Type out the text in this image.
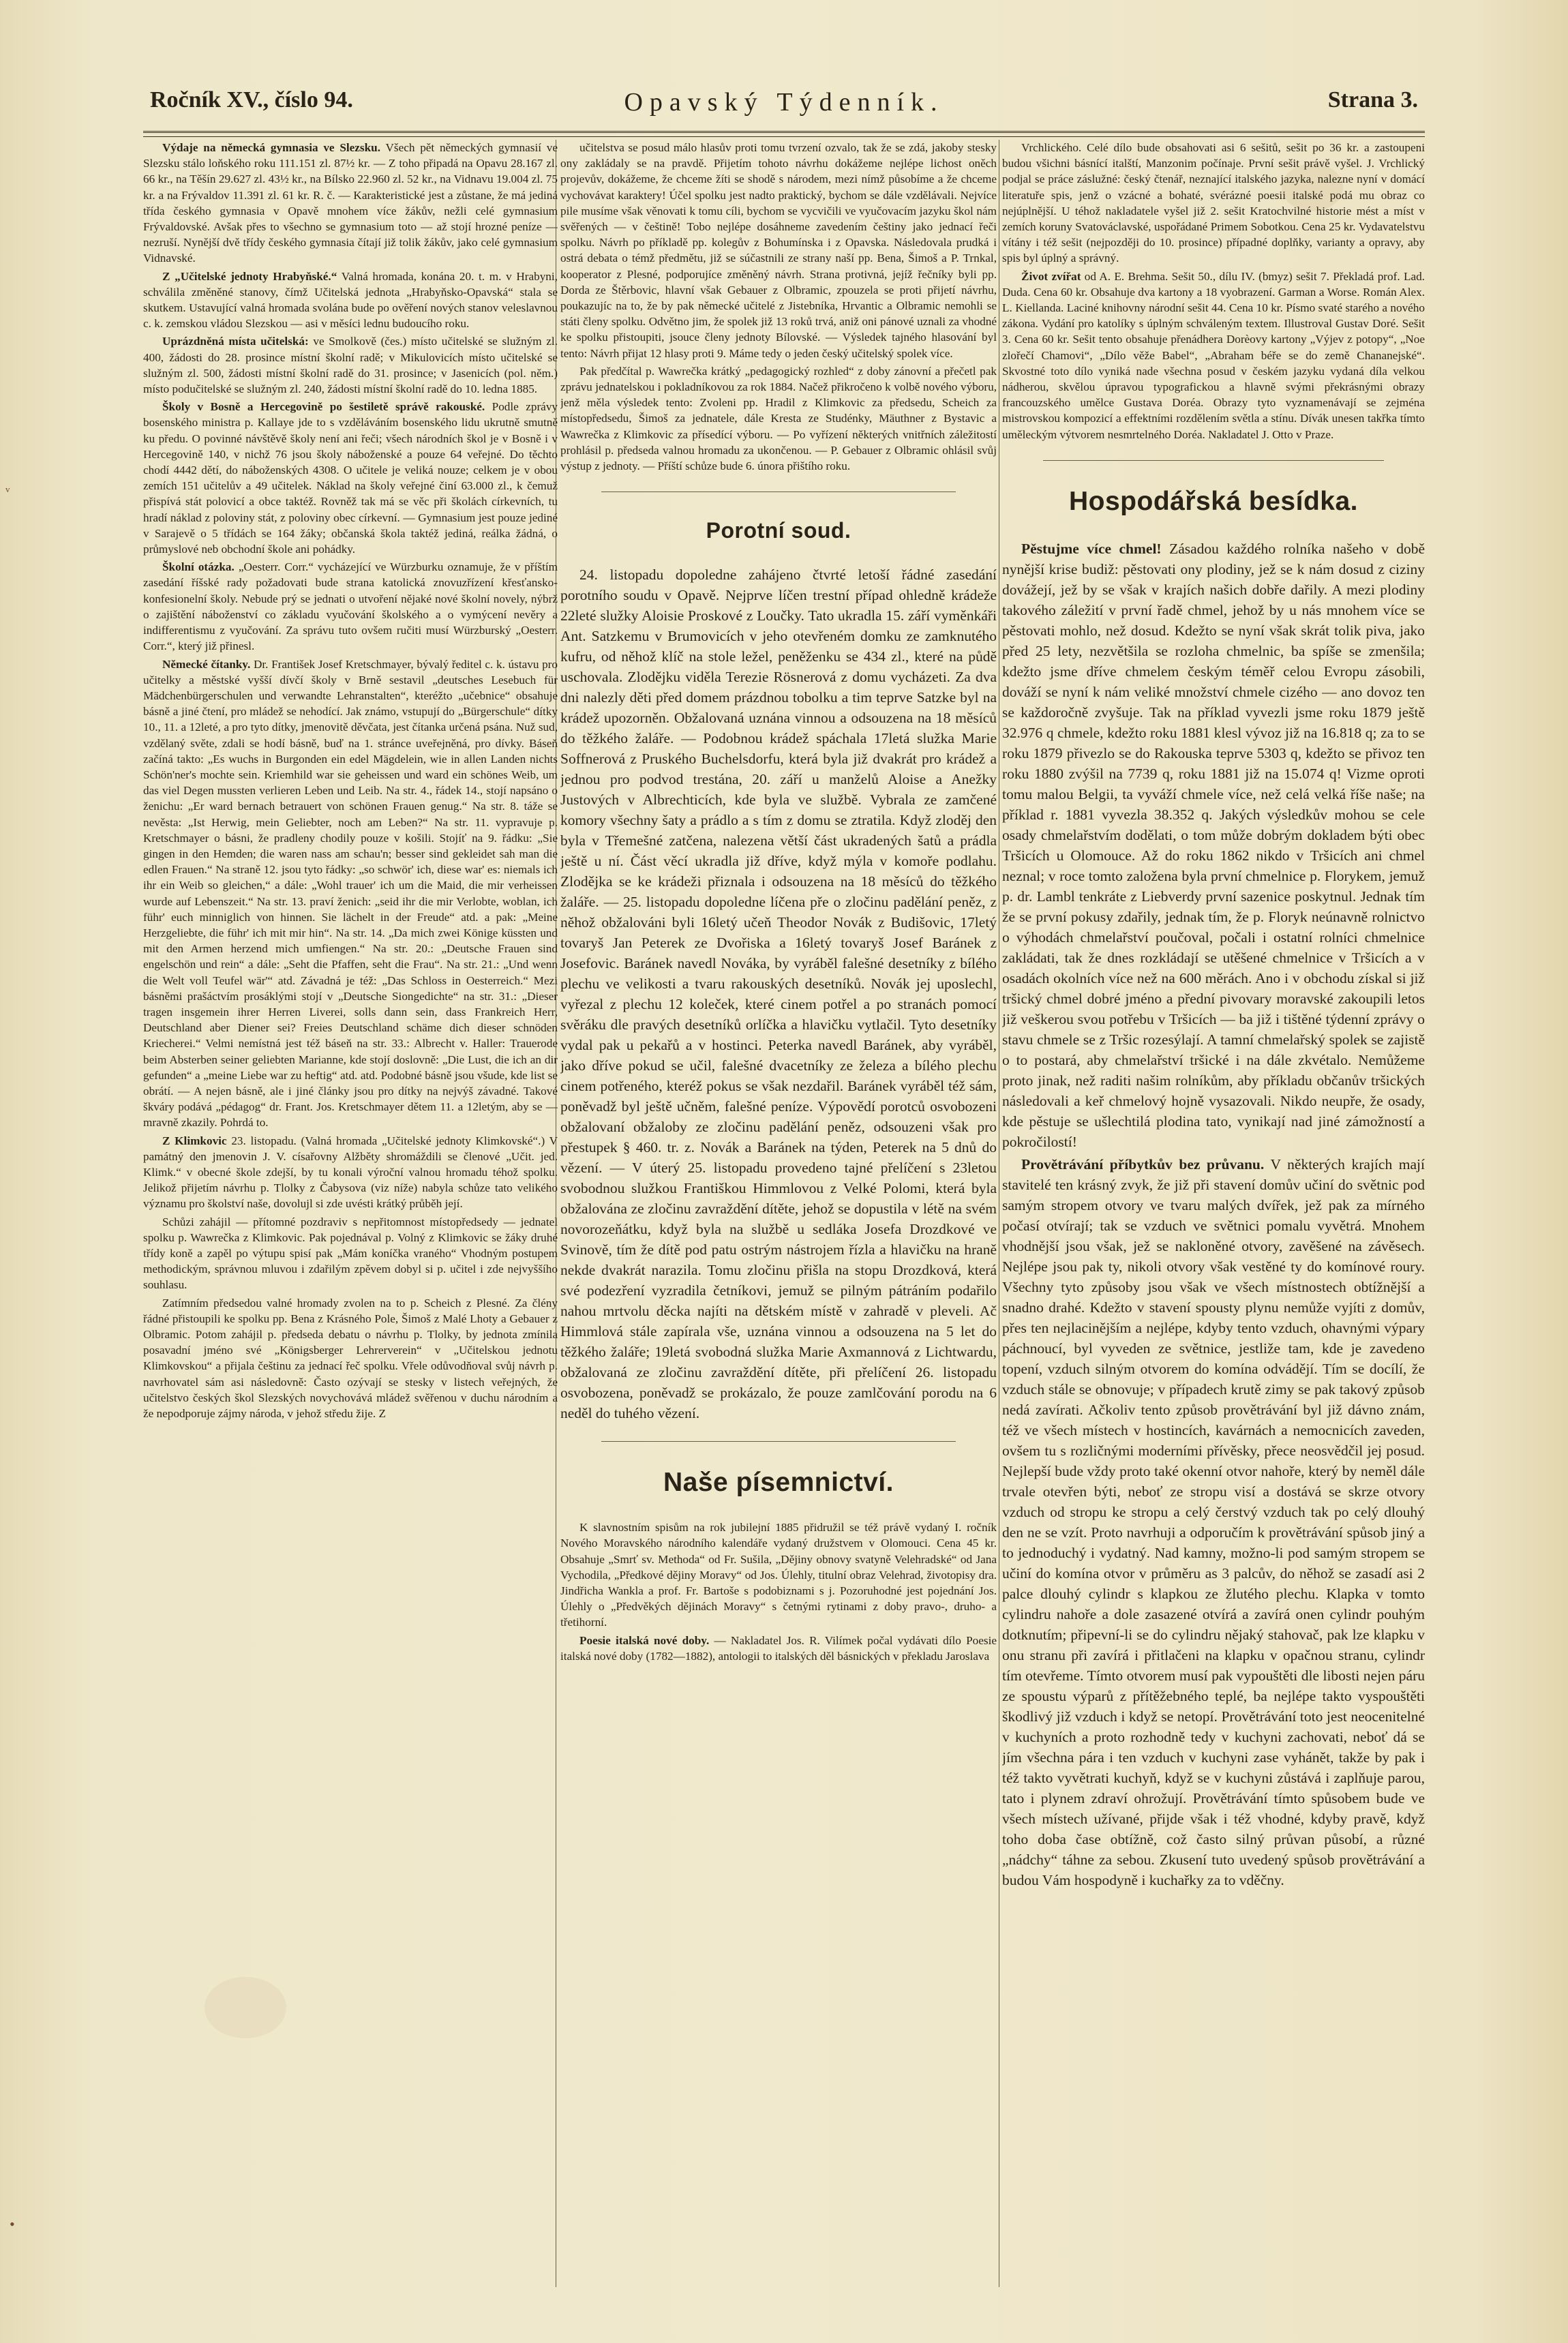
ᵥ
•
Ročník XV., číslo 94.	Opavský Týdenník.	Strana 3.

Výdaje na německá gymnasia ve Slezsku. Všech pět německých gymnasií ve Slezsku stálo loňského roku 111.151 zl. 87½ kr. — Z toho připadá na Opavu 28.167 zl. 66 kr., na Těšín 29.627 zl. 43½ kr., na Bílsko 22.960 zl. 52 kr., na Vidnavu 19.004 zl. 75 kr. a na Frývaldov 11.391 zl. 61 kr. R. č. — Karakteristické jest a zůstane, že má jediná třída českého gymnasia v Opavě mnohem více žákův, nežli celé gymnasium Frývaldovské. Avšak přes to všechno se gymnasium toto — až stojí hrozné peníze — nezruší. Nynější dvě třídy českého gymnasia čítají již tolik žákův, jako celé gymnasium Vidnavské.

Z „Učitelské jednoty Hrabyňské.“ Valná hromada, konána 20. t. m. v Hrabyni, schválila změněné stanovy, čímž Učitelská jednota „Hrabyňsko-Opavská“ stala se skutkem. Ustavující valná hromada svolána bude po ověření nových stanov veleslavnou c. k. zemskou vládou Slezskou — asi v měsíci lednu budoucího roku.

Uprázdněná místa učitelská: ve Smolkově (čes.) místo učitelské se služným zl. 400, žádosti do 28. prosince místní školní radě; v Mikulovicích místo učitelské se služným zl. 500, žádosti místní školní radě do 31. prosince; v Jasenicích (pol. něm.) místo podučitelské se služným zl. 240, žádosti místní školní radě do 10. ledna 1885.

Školy v Bosně a Hercegovině po šestiletě správě rakouské. Podle zprávy bosenského ministra p. Kallaye jde to s vzděláváním bosenského lidu ukrutně smutně ku předu. O povinné návštěvě školy není ani řeči; všech národních škol je v Bosně i v Hercegovině 140, v nichž 76 jsou školy náboženské a pouze 64 veřejné. Do těchto chodí 4442 dětí, do náboženských 4308. O učitele je veliká nouze; celkem je v obou zemích 151 učitelův a 49 učitelek. Náklad na školy veřejné činí 63.000 zl., k čemuž přispívá stát polovicí a obce taktéž. Rovněž tak má se věc při školách církevních, tu hradí náklad z poloviny stát, z poloviny obec církevní. — Gymnasium jest pouze jediné v Sarajevě o 5 třídách se 164 žáky; občanská škola taktéž jediná, reálka žádná, o průmyslové neb obchodní škole ani pohádky.

Školní otázka. „Oesterr. Corr.“ vycházející ve Würzburku oznamuje, že v příštím zasedání říšské rady požadovati bude strana katolická znovuzřízení křesťansko-konfesionelní školy. Nebude prý se jednati o utvoření nějaké nové školní novely, nýbrž o zajištění náboženství co základu vyučování školského a o vymýcení nevěry a indifferentismu z vyučování. Za správu tuto ovšem ručiti musí Würzburský „Oesterr. Corr.“, který již přinesl.

Německé čítanky. Dr. František Josef Kretschmayer, bývalý ředitel c. k. ústavu pro učitelky a městské vyšší dívčí školy v Brně sestavil „deutsches Lesebuch für Mädchenbürgerschulen und verwandte Lehranstalten“, kteréžto „učebnice“ obsahuje básně a jiné čtení, pro mládež se nehodící. Jak známo, vstupují do „Bürgerschule“ dítky 10., 11. a 12leté, a pro tyto dítky, jmenovitě děvčata, jest čítanka určená psána. Nuž sud, vzdělaný světe, zdali se hodí básně, buď na 1. stránce uveřejněná, pro dívky. Báseň začíná takto: „Es wuchs in Burgonden ein edel Mägdelein, wie in allen Landen nichts Schön'ner's mochte sein. Kriemhild war sie geheissen und ward ein schönes Weib, um das viel Degen mussten verlieren Leben und Leib. Na str. 4., řádek 14., stojí napsáno o ženichu: „Er ward bernach betrauert von schönen Frauen genug.“ Na str. 8. táže se nevěsta: „Ist Herwig, mein Geliebter, noch am Leben?“ Na str. 11. vypravuje p. Kretschmayer o básni, že pradleny chodily pouze v košili. Stojíť na 9. řádku: „Sie gingen in den Hemden; die waren nass am schau'n; besser sind gekleidet sah man die edlen Frauen.“ Na straně 12. jsou tyto řádky: „so schwör' ich, diese war' es: niemals ich ihr ein Weib so gleichen,“ a dále: „Wohl trauer' ich um die Maid, die mir verheissen wurde auf Lebenszeit.“ Na str. 13. praví ženich: „seid ihr die mir Verlobte, woblan, ich führ' euch minniglich von hinnen. Sie lächelt in der Freude“ atd. a pak: „Meine Herzgeliebte, die führ' ich mit mir hin“. Na str. 14. „Da mich zwei Könige küssten und mit den Armen herzend mich umfiengen.“ Na str. 20.: „Deutsche Frauen sind engelschön und rein“ a dále: „Seht die Pfaffen, seht die Frau“. Na str. 21.: „Und wenn die Welt voll Teufel wär'“ atd. Závadná je též: „Das Schloss in Oesterreich.“ Mezi básněmi prašáctvím prosáklými stojí v „Deutsche Siongedichte“ na str. 31.: „Dieser tragen insgemein ihrer Herren Liverei, solls dann sein, dass Frankreich Herr, Deutschland aber Diener sei? Freies Deutschland schäme dich dieser schnöden Kriecherei.“ Velmi nemístná jest též báseň na str. 33.: Albrecht v. Haller: Trauerode beim Absterben seiner geliebten Marianne, kde stojí doslovně: „Die Lust, die ich an dir gefunden“ a „meine Liebe war zu heftig“ atd. atd. Podobné básně jsou všude, kde list se obrátí. — A nejen básně, ale i jiné články jsou pro dítky na nejvýš závadné. Takové škváry podává „pédagog“ dr. Frant. Jos. Kretschmayer dětem 11. a 12letým, aby se — mravně zkazily. Pohrdá to.

Z Klimkovic 23. listopadu. (Valná hromada „Učitelské jednoty Klimkovské“.) V památný den jmenovin J. V. císařovny Alžběty shromáždili se členové „Učit. jed. Klimk.“ v obecné škole zdejší, by tu konali výroční valnou hromadu téhož spolku. Jelikož přijetím návrhu p. Tlolky z Čabysova (viz níže) nabyla schůze tato velikého významu pro školství naše, dovolujl si zde uvésti krátký průběh její.

Schůzi zahájil — přítomné pozdraviv s nepřitomnost místopředsedy — jednatel spolku p. Wawrečka z Klimkovic. Pak pojednával p. Volný z Klimkovic se žáky druhé třídy koně a zapěl po výtupu spisí pak „Mám koníčka vraného“ Vhodným postupem methodickým, správnou mluvou i zdařilým zpěvem dobyl si p. učitel i zde nejvyššího souhlasu.

Zatímním předsedou valné hromady zvolen na to p. Scheich z Plesné. Za člény řádné přistoupili ke spolku pp. Bena z Krásného Pole, Šimoš z Malé Lhoty a Gebauer z Olbramic. Potom zahájil p. předseda debatu o návrhu p. Tlolky, by jednota zmínila posavadní jméno své „Königsberger Lehrerverein“ v „Učitelskou jednotu Klimkovskou“ a přijala češtinu za jednací řeč spolku. Vřele odůvodňoval svůj návrh p. navrhovatel sám asi následovně: Často ozývají se stesky v listech veřejných, že učitelstvo českých škol Slezských novychovává mládež svěřenou v duchu národním a že nepodporuje zájmy národa, v jehož středu žije. Z

učitelstva se posud málo hlasův proti tomu tvrzení ozvalo, tak že se zdá, jakoby stesky ony zakládaly se na pravdě. Přijetím tohoto návrhu dokážeme nejlépe lichost oněch projevův, dokážeme, že chceme žíti se shodě s národem, mezi nímž působíme a že chceme vychovávat karaktery! Účel spolku jest nadto praktický, bychom se dále vzdělávali. Nejvíce pile musíme však věnovati k tomu cíli, bychom se vycvičili ve vyučovacím jazyku škol nám svěřených — v češtině! Tobo nejlépe dosáhneme zavedením češtiny jako jednací řeči spolku. Návrh po příkladě pp. kolegův z Bohumínska i z Opavska. Následovala prudká i ostrá debata o témž předmětu, již se súčastnili ze strany naší pp. Bena, Šimoš a P. Trnkal, kooperator z Plesné, podporujíce změněný návrh. Strana protivná, jejíž řečníky byli pp. Dorda ze Štěrbovic, hlavní však Gebauer z Olbramic, zpouzela se proti přijetí návrhu, poukazujíc na to, že by pak německé učitelé z Jistebníka, Hrvantic a Olbramic nemohli se státi členy spolku. Odvětno jim, že spolek již 13 roků trvá, aniž oni pánové uznali za vhodné ke spolku přistoupiti, jsouce členy jednoty Bílovské. — Výsledek tajného hlasování byl tento: Návrh přijat 12 hlasy proti 9. Máme tedy o jeden český učitelský spolek více.

Pak předčítal p. Wawrečka krátký „pedagogický rozhled“ z doby zánovní a přečetl pak zprávu jednatelskou i pokladníkovou za rok 1884. Načež přikročeno k volbě nového výboru, jenž měla výsledek tento: Zvoleni pp. Hradil z Klimkovic za předsedu, Scheich za místopředsedu, Šimoš za jednatele, dále Kresta ze Studénky, Mäuthner z Bystavic a Wawrečka z Klimkovic za přísedící výboru. — Po vyřízení některých vnitřních záležitostí prohlásil p. předseda valnou hromadu za ukončenou. — P. Gebauer z Olbramic ohlásil svůj výstup z jednoty. — Příští schůze bude 6. února přištího roku.

Porotní soud.

24. listopadu dopoledne zahájeno čtvrté letoší řádné zasedání porotního soudu v Opavě. Nejprve líčen trestní případ ohledně krádeže 22leté služky Aloisie Proskové z Loučky. Tato ukradla 15. září vyměnkáři Ant. Satzkemu v Brumovicích v jeho otevřeném domku ze zamknutého kufru, od něhož klíč na stole ležel, peněženku se 434 zl., které na půdě uschovala. Zlodějku viděla Terezie Rösnerová z domu vycházeti. Za dva dni nalezly děti před domem prázdnou tobolku a tim teprve Satzke byl na krádež upozorněn. Obžalovaná uznána vinnou a odsouzena na 18 měsíců do těžkého žaláře. — Podobnou krádež spáchala 17letá služka Marie Soffnerová z Pruského Buchelsdorfu, která byla již dvakrát pro krádež a jednou pro podvod trestána, 20. září u manželů Aloise a Anežky Justových v Albrechticích, kde byla ve službě. Vybrala ze zamčené komory všechny šaty a prádlo a s tím z domu se ztratila. Když zloděj den byla v Třemešné zatčena, nalezena větší část ukradených šatů a prádla ještě u ní. Část věcí ukradla již dříve, když mýla v komoře podlahu. Zlodějka se ke krádeži přiznala i odsouzena na 18 měsíců do těžkého žaláře. — 25. listopadu dopoledne líčena pře o zločinu padělání peněz, z něhož obžalováni byli 16letý učeň Theodor Novák z Budišovic, 17letý tovaryš Jan Peterek ze Dvořiska a 16letý tovaryš Josef Baránek z Josefovic. Baránek navedl Nováka, by vyráběl falešné desetníky z bílého plechu ve velikosti a tvaru rakouských desetníků. Novák jej uposlechl, vyřezal z plechu 12 koleček, které cinem potřel a po stranách pomocí svěráku dle pravých desetníků orlíčka a hlavičku vytlačil. Tyto desetníky vydal pak u pekařů a v hostinci. Peterka navedl Baránek, aby vyráběl, jako dříve pokud se učil, falešné dvacetníky ze železa a bílého plechu cinem potřeného, kteréž pokus se však nezdařil. Baránek vyráběl též sám, poněvadž byl ještě učněm, falešné peníze. Výpovědí porotců osvobozeni obžalovaní obžaloby ze zločinu padělání peněz, odsouzeni však pro přestupek § 460. tr. z. Novák a Baránek na týden, Peterek na 5 dnů do vězení. — V úterý 25. listopadu provedeno tajné přelíčení s 23letou svobodnou služkou Františkou Himmlovou z Velké Polomi, která byla obžalována ze zločinu zavraždění dítěte, jehož se dopustila v létě na svém novorozeňátku, když byla na službě u sedláka Josefa Drozdkové ve Svinově, tím že dítě pod patu ostrým nástrojem řízla a hlavičku na hraně nekde dvakrát narazila. Tomu zločinu přišla na stopu Drozdková, která své podezření vyzradila četníkovi, jemuž se pilným pátráním podařilo nahou mrtvolu děcka najíti na dětském místě v zahradě v pleveli. Ač Himmlová stále zapírala vše, uznána vinnou a odsouzena na 5 let do těžkého žaláře; 19letá svobodná služka Marie Axmannová z Lichtwardu, obžalovaná ze zločinu zavraždění dítěte, při přelíčení 26. listopadu osvobozena, poněvadž se prokázalo, že pouze zamlčování porodu na 6 neděl do tuhého vězení.

Naše písemnictví.

K slavnostním spisům na rok jubilejní 1885 přidružil se též právě vydaný I. ročník Nového Moravského národního kalendáře vydaný družstvem v Olomouci. Cena 45 kr. Obsahuje „Smrť sv. Methoda“ od Fr. Sušila, „Dějiny obnovy svatyně Velehradské“ od Jana Vychodila, „Předkové dějiny Moravy“ od Jos. Úlehly, titulní obraz Velehrad, životopisy dra. Jindřicha Wankla a prof. Fr. Bartoše s podobiznami s j. Pozoruhodné jest pojednání Jos. Úlehly o „Předvěkých dějinách Moravy“ s četnými rytinami z doby pravo-, druho- a třetihorní.

Poesie italská nové doby. — Nakladatel Jos. R. Vilímek počal vydávati dílo Poesie italská nové doby (1782—1882), antologii to italských děl básnických v překladu Jaroslava

Vrchlického. Celé dílo bude obsahovati asi 6 sešitů, sešit po 36 kr. a zastoupeni budou všichni básnící italští, Manzonim počínaje. První sešit právě vyšel. J. Vrchlický podjal se práce záslužné: český čtenář, neznající italského jazyka, nalezne nyní v domácí literatuře spis, jenž o vzácné a bohaté, svérázné poesii italské podá mu obraz co nejúplnější. U téhož nakladatele vyšel již 2. sešit Kratochvilné historie mést a míst v zemích koruny Svatováclavské, uspořádané Primem Sobotkou. Cena 25 kr. Vydavatelstvu vítány i též sešit (nejpozději do 10. prosince) případné doplňky, varianty a opravy, aby spis byl úplný a správný.

Život zvířat od A. E. Brehma. Sešit 50., dílu IV. (bmyz) sešit 7. Překladá prof. Lad. Duda. Cena 60 kr. Obsahuje dva kartony a 18 vyobrazení. Garman a Worse. Román Alex. L. Kiellanda. Laciné knihovny národní sešit 44. Cena 10 kr. Písmo svaté starého a nového zákona. Vydání pro katolíky s úplným schváleným textem. Illustroval Gustav Doré. Sešit 3. Cena 60 kr. Sešit tento obsahuje přenádhera Dorèovy kartony „Výjev z potopy“, „Noe zlořečí Chamovi“, „Dílo věže Babel“, „Abraham béře se do země Chananejské“. Skvostné toto dílo vyniká nade všechna posud v českém jazyku vydaná díla velkou nádherou, skvělou úpravou typografickou a hlavně svými překrásnými obrazy francouzského umělce Gustava Doréa. Obrazy tyto vyznamenávají se zejména mistrovskou kompozicí a effektními rozdělením světla a stínu. Dívák unesen takřka tímto uměleckým výtvorem nesmrtelného Doréa. Nakladatel J. Otto v Praze.

Hospodářská besídka.

Pěstujme více chmel! Zásadou každého rolníka našeho v době nynější krise budiž: pěstovati ony plodiny, jež se k nám dosud z ciziny dovážejí, jež by se však v krajích našich dobře dařily. A mezi plodiny takového záležití v první řadě chmel, jehož by u nás mnohem více se pěstovati mohlo, než dosud. Kdežto se nyní však skrát tolik piva, jako před 25 lety, nezvětšila se rozloha chmelnic, ba spíše se zmenšila; kdežto jsme dříve chmelem českým téměř celou Evropu zásobili, dováží se nyní k nám veliké množství chmele cizého — ano dovoz ten se každoročně zvyšuje. Tak na příklad vyvezli jsme roku 1879 ještě 32.976 q chmele, kdežto roku 1881 klesl vývoz již na 16.818 q; za to se roku 1879 přivezlo se do Rakouska teprve 5303 q, kdežto se přivoz ten roku 1880 zvýšil na 7739 q, roku 1881 již na 15.074 q! Vizme oproti tomu malou Belgii, ta vyváží chmele více, než celá velká říše naše; na příklad r. 1881 vyvezla 38.352 q. Jakých výsledkův mohou se cele osady chmelařstvím dodělati, o tom může dobrým dokladem býti obec Tršicích u Olomouce. Až do roku 1862 nikdo v Tršicích ani chmel neznal; v roce tomto založena byla první chmelnice p. Florykem, jemuž p. dr. Lambl tenkráte z Liebverdy první sazenice poskytnul. Jednak tím že se první pokusy zdařily, jednak tím, že p. Floryk neúnavně rolnictvo o výhodách chmelařství poučoval, počali i ostatní rolníci chmelnice zakládati, tak že dnes rozkládají se utěšené chmelnice v Tršicích a v osadách okolních více než na 600 měrách. Ano i v obchodu získal si již tršický chmel dobré jméno a přední pivovary moravské zakoupili letos již veškerou svou potřebu v Tršicích — ba již i tištěné týdenní zprávy o stavu chmele se z Tršic rozesýlají. A tamní chmelařský spolek se zajistě o to postará, aby chmelařství tršické i na dále zkvétalo. Nemůžeme proto jinak, než raditi našim rolníkům, aby příkladu občanův tršických následovali a keř chmelový hojně vysazovali. Nikdo neupře, že osady, kde pěstuje se ušlechtilá plodina tato, vynikají nad jiné zámožností a pokročilostí!

Provětrávání příbytkův bez průvanu. V některých krajích mají stavitelé ten krásný zvyk, že již při stavení domův učiní do světnic pod samým stropem otvory ve tvaru malých dvířek, jež pak za mírného počasí otvírají; tak se vzduch ve světnici pomalu vyvětrá. Mnohem vhodnější jsou však, jež se nakloněné otvory, zavěšené na závěsech. Nejlépe jsou pak ty, nikoli otvory však vestěné ty do komínové roury. Všechny tyto způsoby jsou však ve všech místnostech obtížnější a snadno drahé. Kdežto v stavení spousty plynu nemůže vyjíti z domův, přes ten nejlacinějším a nejlépe, kdyby tento vzduch, ohavnými výpary páchnoucí, byl vyveden ze světnice, jestliže tam, kde je zavedeno topení, vzduch silným otvorem do komína odvádějí. Tím se docílí, že vzduch stále se obnovuje; v případech krutě zimy se pak takový způsob nedá zavírati. Ačkoliv tento způsob provětrávání byl již dávno znám, též ve všech místech v hostincích, kavárnách a nemocnicích zaveden, ovšem tu s rozličnými moderními přívěsky, přece neosvědčil jej posud. Nejlepší bude vždy proto také okenní otvor nahoře, který by neměl dále trvale otevřen býti, neboť ze stropu visí a dostává se skrze otvory vzduch od stropu ke stropu a celý čerstvý vzduch tak po celý dlouhý den ne se vzít. Proto navrhuji a odporučím k provětrávání spůsob jiný a to jednoduchý i vydatný. Nad kamny, možno-li pod samým stropem se učiní do komína otvor v průměru as 3 palcův, do něhož se zasadí asi 2 palce dlouhý cylindr s klapkou ze žlutého plechu. Klapka v tomto cylindru nahoře a dole zasazené otvírá a zavírá onen cylindr pouhým dotknutím; připevní-li se do cylindru nějaký stahovač, pak lze klapku v onu stranu při zavírá i přitlačeni na klapku v opačnou stranu, cylindr tím otevřeme. Tímto otvorem musí pak vypouštěti dle libosti nejen páru ze spoustu výparů z přítěžebného teplé, ba nejlépe takto vyspouštěti škodlivý již vzduch i když se netopí. Provětrávání toto jest neocenitelné v kuchyních a proto rozhodně tedy v kuchyni zachovati, neboť dá se jím všechna pára i ten vzduch v kuchyni zase vyhánět, takže by pak i též takto vyvětrati kuchyň, když se v kuchyni zůstává i zaplňuje parou, tato i plynem zdraví ohrožují. Provětrávání tímto spůsobem bude ve všech místech užívané, přijde však i též vhodné, kdyby pravě, když toho doba čase obtížně, což často silný průvan působí, a různé „nádchy“ táhne za sebou. Zkusení tuto uvedený spůsob provětrávání a budou Vám hospodyně i kuchařky za to vděčny.
